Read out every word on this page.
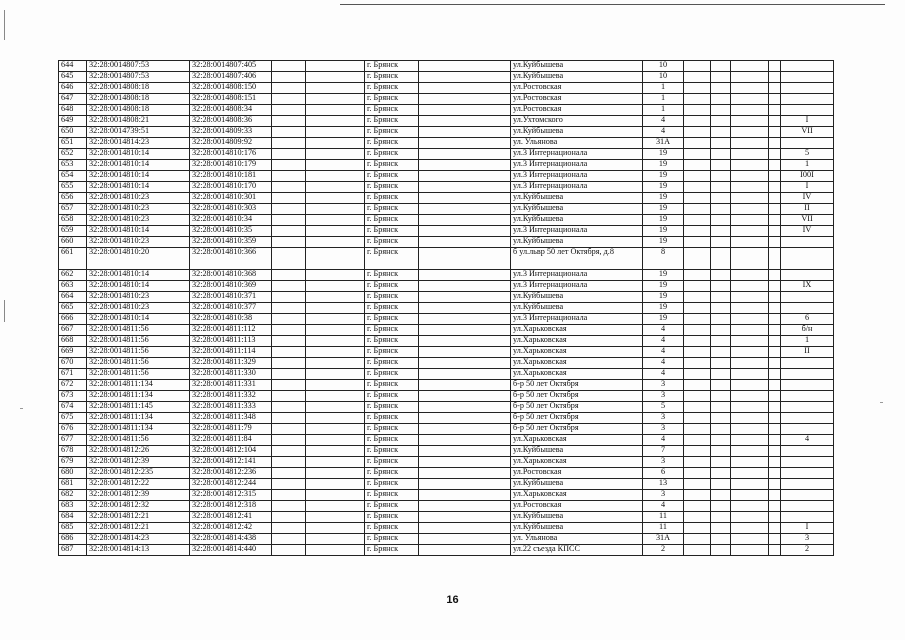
644	32:28:0014807:53	32:28:0014807:405			г. Брянск		ул.Куйбышева	10					
645	32:28:0014807:53	32:28:0014807:406			г. Брянск		ул.Куйбышева	10					
646	32:28:0014808:18	32:28:0014808:150			г. Брянск		ул.Ростовская	1					
647	32:28:0014808:18	32:28:0014808:151			г. Брянск		ул.Ростовская	1					
648	32:28:0014808:18	32:28:0014808:34			г. Брянск		ул.Ростовская	1					
649	32:28:0014808:21	32:28:0014808:36			г. Брянск		ул.Ухтомского	4					I
650	32:28:0014739:51	32:28:0014809:33			г. Брянск		ул.Куйбышева	4					VII
651	32:28:0014814:23	32:28:0014809:92			г. Брянск		ул. Ульянова	31А					
652	32:28:0014810:14	32:28:0014810:176			г. Брянск		ул.3 Интернационала	19					5
653	32:28:0014810:14	32:28:0014810:179			г. Брянск		ул.3 Интернационала	19					1
654	32:28:0014810:14	32:28:0014810:181			г. Брянск		ул.3 Интернационала	19					I00I
655	32:28:0014810:14	32:28:0014810:170			г. Брянск		ул.3 Интернационала	19					I
656	32:28:0014810:23	32:28:0014810:301			г. Брянск		ул.Куйбышева	19					IV
657	32:28:0014810:23	32:28:0014810:303			г. Брянск		ул.Куйбышева	19					II
658	32:28:0014810:23	32:28:0014810:34			г. Брянск		ул.Куйбышева	19					VII
659	32:28:0014810:14	32:28:0014810:35			г. Брянск		ул.3 Интернационала	19					IV
660	32:28:0014810:23	32:28:0014810:359			г. Брянск		ул.Куйбышева	19					
661	32:28:0014810:20	32:28:0014810:366			г. Брянск		б ул.львр 50 лет Октября, д.8	8					
662	32:28:0014810:14	32:28:0014810:368			г. Брянск		ул.3 Интернационала	19					
663	32:28:0014810:14	32:28:0014810:369			г. Брянск		ул.3 Интернационала	19					IX
664	32:28:0014810:23	32:28:0014810:371			г. Брянск		ул.Куйбышева	19					
665	32:28:0014810:23	32:28:0014810:377			г. Брянск		ул.Куйбышева	19					
666	32:28:0014810:14	32:28:0014810:38			г. Брянск		ул.3 Интернационала	19					6
667	32:28:0014811:56	32:28:0014811:112			г. Брянск		ул.Харьковская	4					б/н
668	32:28:0014811:56	32:28:0014811:113			г. Брянск		ул.Харьковская	4					1
669	32:28:0014811:56	32:28:0014811:114			г. Брянск		ул.Харьковская	4					II
670	32:28:0014811:56	32:28:0014811:329			г. Брянск		ул.Харьковская	4					
671	32:28:0014811:56	32:28:0014811:330			г. Брянск		ул.Харьковская	4					
672	32:28:0014811:134	32:28:0014811:331			г. Брянск		б-р 50 лет Октября	3					
673	32:28:0014811:134	32:28:0014811:332			г. Брянск		б-р 50 лет Октября	3					
674	32:28:0014811:145	32:28:0014811:333			г. Брянск		б-р 50 лет Октября	5					
675	32:28:0014811:134	32:28:0014811:348			г. Брянск		б-р 50 лет Октября	3					
676	32:28:0014811:134	32:28:0014811:79			г. Брянск		б-р 50 лет Октября	3					
677	32:28:0014811:56	32:28:0014811:84			г. Брянск		ул.Харьковская	4					4
678	32:28:0014812:26	32:28:0014812:104			г. Брянск		ул.Куйбышева	7					
679	32:28:0014812:39	32:28:0014812:141			г. Брянск		ул.Харьковская	3					
680	32:28:0014812:235	32:28:0014812:236			г. Брянск		ул.Ростовская	6					
681	32:28:0014812:22	32:28:0014812:244			г. Брянск		ул.Куйбышева	13					
682	32:28:0014812:39	32:28:0014812:315			г. Брянск		ул.Харьковская	3					
683	32:28:0014812:32	32:28:0014812:318			г. Брянск		ул.Ростовская	4					
684	32:28:0014812:21	32:28:0014812:41			г. Брянск		ул.Куйбышева	11					
685	32:28:0014812:21	32:28:0014812:42			г. Брянск		ул.Куйбышева	11					I
686	32:28:0014814:23	32:28:0014814:438			г. Брянск		ул. Ульянова	31А					3
687	32:28:0014814:13	32:28:0014814:440			г. Брянск		ул.22 съезда КПСС	2					2
16
